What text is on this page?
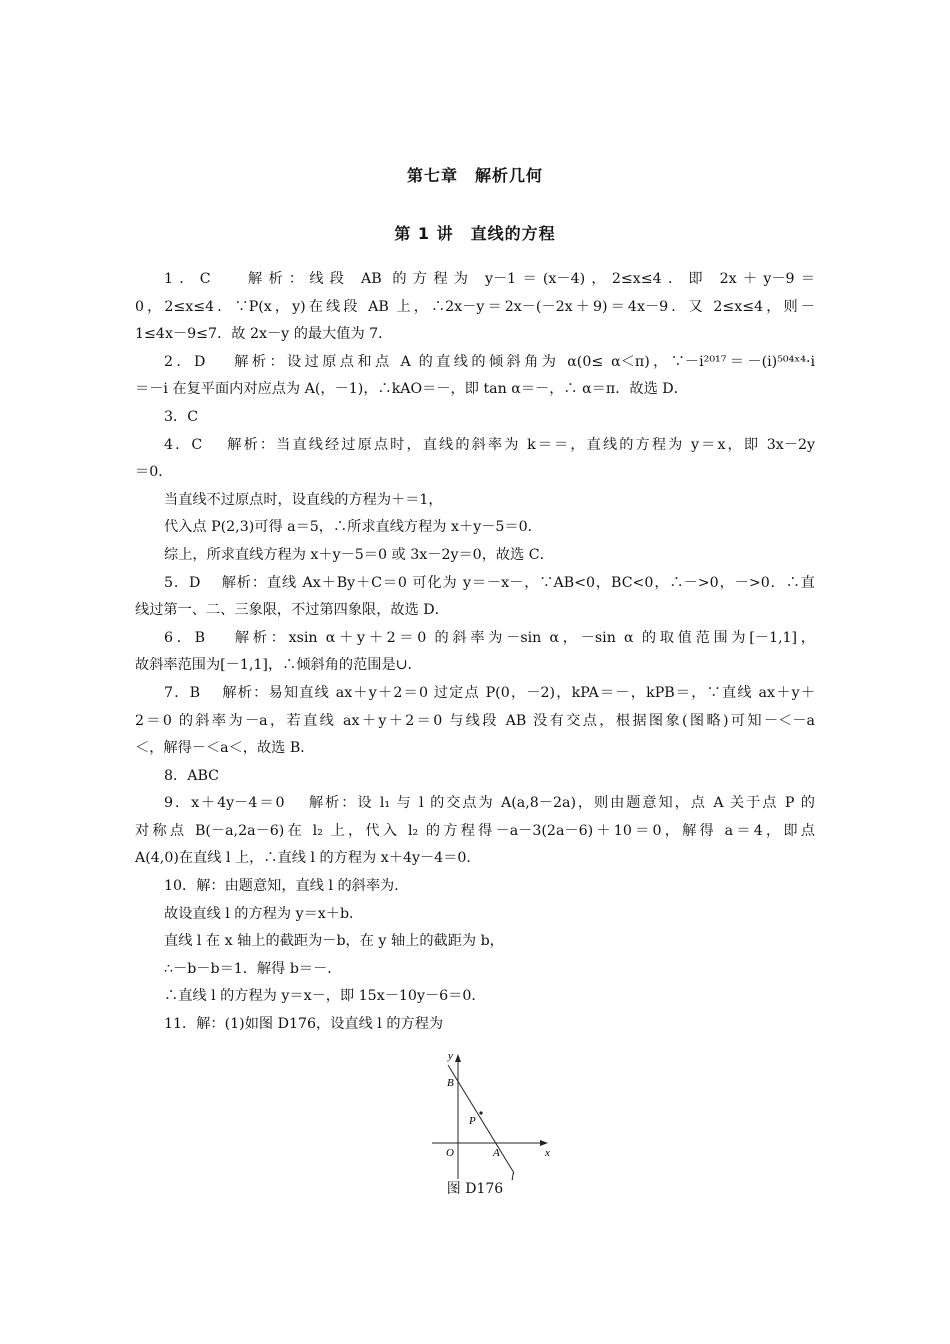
第七章　解析几何
第 1 讲　直线的方程
1．C　 解析：线段 AB 的方程为 y－1＝(x－4)，2≤x≤4．即 2x＋y－9＝
0，2≤x≤4．∵P(x，y)在线段 AB 上，∴2x－y＝2x－(－2x＋9)＝4x－9．又 2≤x≤4，则－
1≤4x－9≤7．故 2x－y 的最大值为 7．
2．D　 解析：设过原点和点 A 的直线的倾斜角为 α(0≤ α＜π)，∵－i²⁰¹⁷＝－(i)⁵⁰⁴ˣ⁴·i
＝－i 在复平面内对应点为 A(，－1)，∴kAO＝－，即 tan α＝－，∴ α＝π．故选 D．
3．C
4．C　 解析：当直线经过原点时，直线的斜率为 k＝＝，直线的方程为 y＝x，即 3x－2y
＝0．
当直线不过原点时，设直线的方程为＋＝1，
代入点 P(2,3)可得 a＝5，∴所求直线方程为 x＋y－5＝0．
综上，所求直线方程为 x＋y－5＝0 或 3x－2y＝0，故选 C．
5．D　 解析：直线 Ax＋By＋C＝0 可化为 y＝－x－，∵AB<0，BC<0，∴－>0，－>0．∴直
线过第一、二、三象限，不过第四象限，故选 D．
6．B　 解析：xsin α＋y＋2＝0 的斜率为－sin α，－sin α 的取值范围为[－1,1]，
故斜率范围为[－1,1]，∴倾斜角的范围是∪．
7．B　 解析：易知直线 ax＋y＋2＝0 过定点 P(0，－2)，kPA＝－，kPB＝，∵直线 ax＋y＋
2＝0 的斜率为－a，若直线 ax＋y＋2＝0 与线段 AB 没有交点，根据图象(图略)可知－＜－a
＜，解得－＜a＜，故选 B．
8．ABC
9．x＋4y－4＝0　 解析：设 l₁ 与 l 的交点为 A(a,8－2a)，则由题意知，点 A 关于点 P 的
对称点 B(－a,2a－6)在 l₂ 上，代入 l₂ 的方程得－a－3(2a－6)＋10＝0，解得 a＝4，即点
A(4,0)在直线 l 上，∴直线 l 的方程为 x＋4y－4＝0．
10．解：由题意知，直线 l 的斜率为．
故设直线 l 的方程为 y＝x＋b．
直线 l 在 x 轴上的截距为－b，在 y 轴上的截距为 b，
∴－b－b＝1．解得 b＝－．
∴直线 l 的方程为 y＝x－，即 15x－10y－6＝0．
11．解：(1)如图 D176，设直线 l 的方程为
y
x
O	A
B
P
l
图 D176
